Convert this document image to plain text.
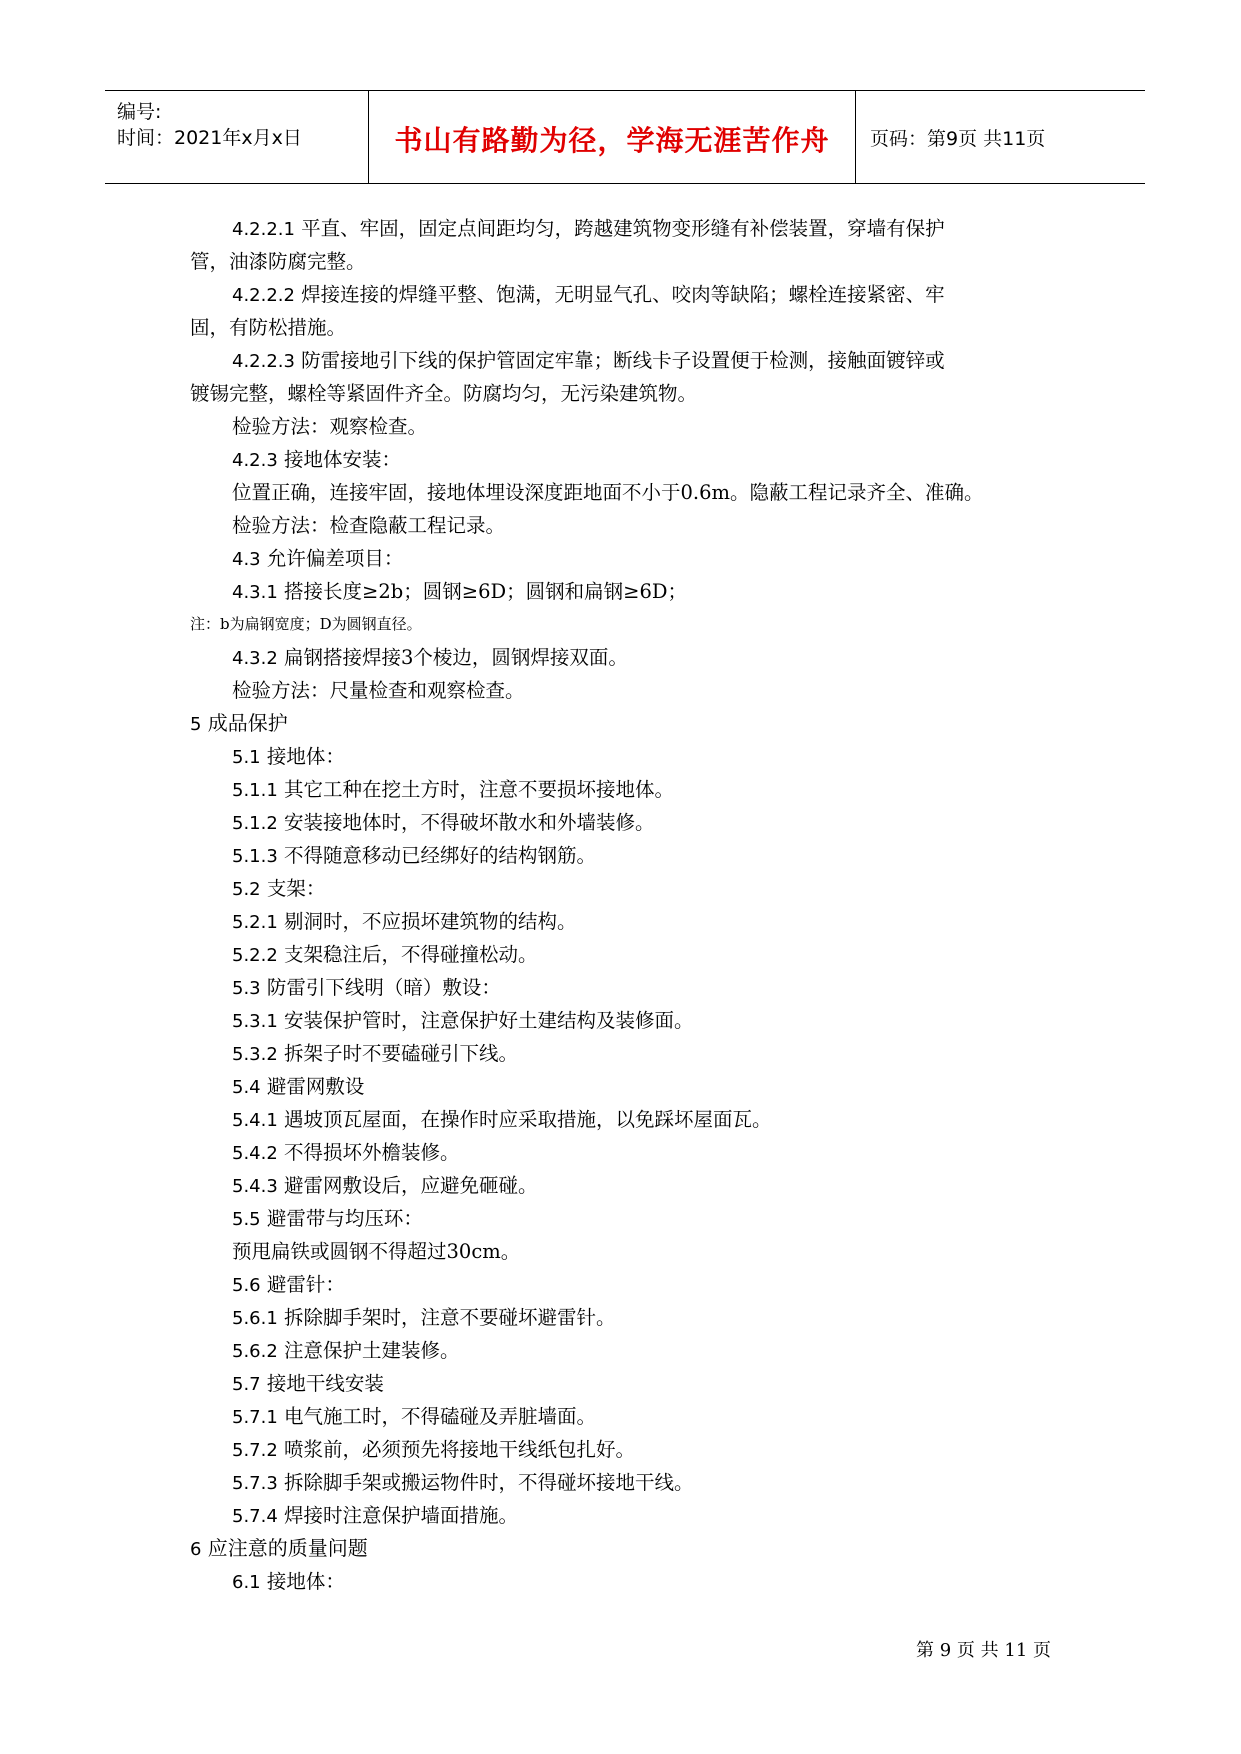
编号:
时间：2021年x月x日	书山有路勤为径，学海无涯苦作舟	页码：第9页 共11页
4.2.2.1 平直、牢固，固定点间距均匀，跨越建筑物变形缝有补偿装置，穿墙有保护
管，油漆防腐完整。
4.2.2.2 焊接连接的焊缝平整、饱满，无明显气孔、咬肉等缺陷；螺栓连接紧密、牢
固，有防松措施。
4.2.2.3 防雷接地引下线的保护管固定牢靠；断线卡子设置便于检测，接触面镀锌或
镀锡完整，螺栓等紧固件齐全。防腐均匀，无污染建筑物。
检验方法：观察检查。
4.2.3 接地体安装：
位置正确，连接牢固，接地体埋设深度距地面不小于0.6m。隐蔽工程记录齐全、准确。
检验方法：检查隐蔽工程记录。
4.3 允许偏差项目：
4.3.1 搭接长度≥2b；圆钢≥6D；圆钢和扁钢≥6D；
注：b为扁钢宽度；D为圆钢直径。
4.3.2 扁钢搭接焊接3个棱边，圆钢焊接双面。
检验方法：尺量检查和观察检查。
5 成品保护
5.1 接地体：
5.1.1 其它工种在挖土方时，注意不要损坏接地体。
5.1.2 安装接地体时，不得破坏散水和外墙装修。
5.1.3 不得随意移动已经绑好的结构钢筋。
5.2 支架：
5.2.1 剔洞时，不应损坏建筑物的结构。
5.2.2 支架稳注后，不得碰撞松动。
5.3 防雷引下线明（暗）敷设：
5.3.1 安装保护管时，注意保护好土建结构及装修面。
5.3.2 拆架子时不要磕碰引下线。
5.4 避雷网敷设
5.4.1 遇坡顶瓦屋面，在操作时应采取措施，以免踩坏屋面瓦。
5.4.2 不得损坏外檐装修。
5.4.3 避雷网敷设后，应避免砸碰。
5.5 避雷带与均压环：
预甩扁铁或圆钢不得超过30cm。
5.6 避雷针：
5.6.1 拆除脚手架时，注意不要碰坏避雷针。
5.6.2 注意保护土建装修。
5.7 接地干线安装
5.7.1 电气施工时，不得磕碰及弄脏墙面。
5.7.2 喷浆前，必须预先将接地干线纸包扎好。
5.7.3 拆除脚手架或搬运物件时，不得碰坏接地干线。
5.7.4 焊接时注意保护墙面措施。
6 应注意的质量问题
6.1 接地体：
第 9 页 共 11 页
